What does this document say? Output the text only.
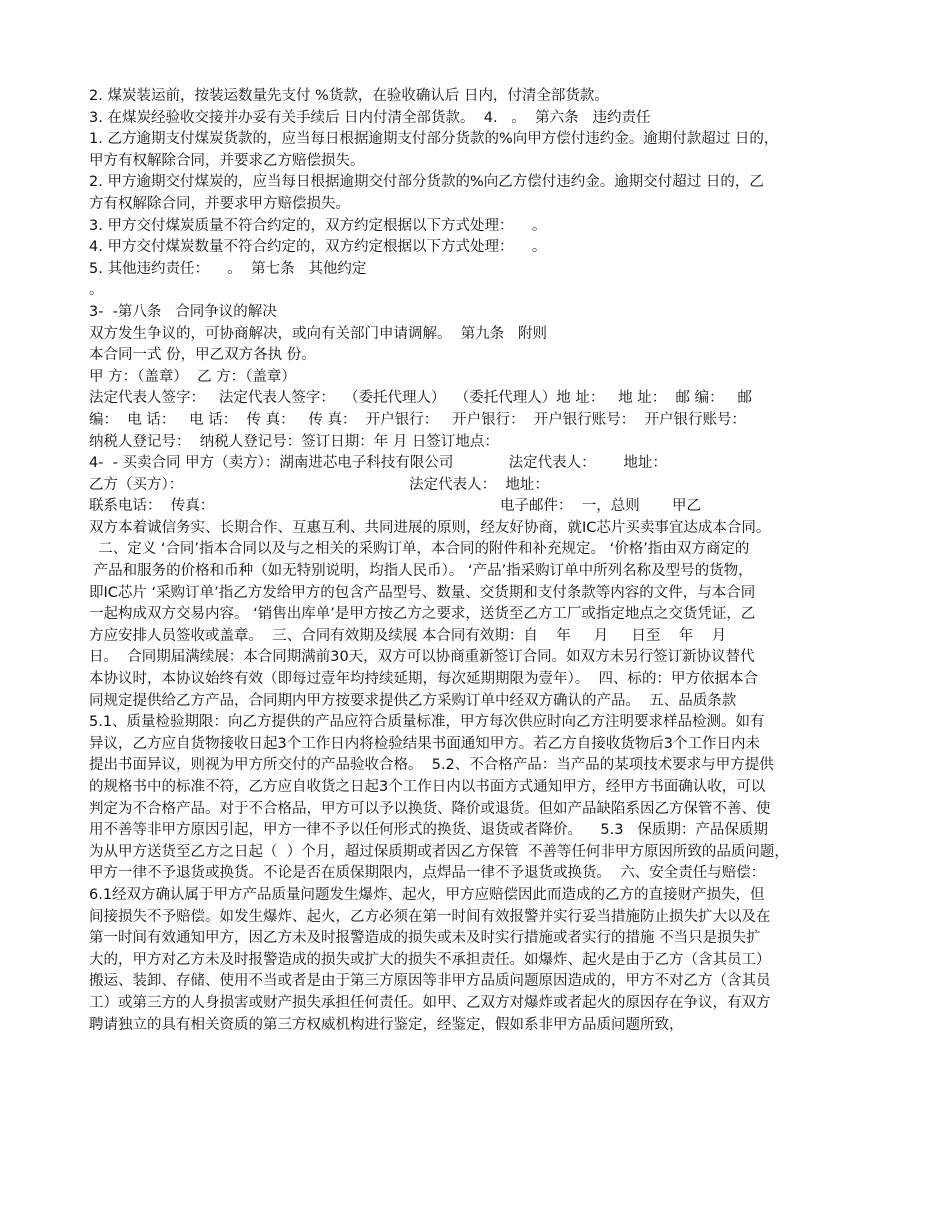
2. 煤炭装运前，按装运数量先支付 %货款，在验收确认后 日内，付清全部货款。
3. 在煤炭经验收交接并办妥有关手续后 日内付清全部货款。  4.   。  第六条   违约责任
1. 乙方逾期支付煤炭货款的，应当每日根据逾期支付部分货款的%向甲方偿付违约金。逾期付款超过 日的，
甲方有权解除合同，并要求乙方赔偿损失。
2. 甲方逾期交付煤炭的，应当每日根据逾期交付部分货款的%向乙方偿付违约金。逾期交付超过 日的，乙
方有权解除合同，并要求甲方赔偿损失。
3. 甲方交付煤炭质量不符合约定的，双方约定根据以下方式处理：    。
4. 甲方交付煤炭数量不符合约定的，双方约定根据以下方式处理：    。
5. 其他违约责任：    。  第七条   其他约定
。
3-  -第八条   合同争议的解决
双方发生争议的，可协商解决，或向有关部门申请调解。  第九条   附则
本合同一式 份，甲乙双方各执 份。
甲 方：（盖章）  乙 方：（盖章）
法定代表人签字：   法定代表人签字：  （委托代理人）  （委托代理人）地 址：   地 址：  邮 编：   邮
编：  电 话：   电 话：  传 真：   传 真：  开户银行：   开户银行：  开户银行账号：  开户银行账号：
纳税人登记号：  纳税人登记号：签订日期：年 月 日签订地点：
4-  - 买卖合同 甲方（卖方）：湖南进芯电子科技有限公司            法定代表人：      地址：
乙方（买方）：                                                 法定代表人：  地址：
联系电话：  传真：                                                              电子邮件：  一，总则       甲乙
双方本着诚信务实、长期合作、互惠互利、共同进展的原则，经友好协商，就IC芯片买卖事宜达成本合同。
二、定义 ‘合同’指本合同以及与之相关的采购订单，本合同的附件和补充规定。 ‘价格’指由双方商定的
产品和服务的价格和币种（如无特别说明，均指人民币）。 ‘产品’指采购订单中所列名称及型号的货物，
即IC芯片 ‘采购订单’指乙方发给甲方的包含产品型号、数量、交货期和支付条款等内容的文件，与本合同
一起构成双方交易内容。 ‘销售出库单’是甲方按乙方之要求，送货至乙方工厂或指定地点之交货凭证，乙
方应安排人员签收或盖章。  三、合同有效期及续展 本合同有效期：自    年     月     日至    年    月
日。  合同期届满续展：本合同期满前30天，双方可以协商重新签订合同。如双方未另行签订新协议替代
本协议时，本协议始终有效（即每过壹年均持续延期，每次延期期限为壹年）。  四、标的：甲方依据本合
同规定提供给乙方产品，合同期内甲方按要求提供乙方采购订单中经双方确认的产品。  五、品质条款
5.1、质量检验期限：向乙方提供的产品应符合质量标准，甲方每次供应时向乙方注明要求样品检测。如有
异议，乙方应自货物接收日起3个工作日内将检验结果书面通知甲方。若乙方自接收货物后3个工作日内未
提出书面异议，则视为甲方所交付的产品验收合格。  5.2、不合格产品：当产品的某项技术要求与甲方提供
的规格书中的标准不符，乙方应自收货之日起3个工作日内以书面方式通知甲方，经甲方书面确认收，可以
判定为不合格产品。对于不合格品，甲方可以予以换货、降价或退货。但如产品缺陷系因乙方保管不善、使
用不善等非甲方原因引起，甲方一律不予以任何形式的换货、退货或者降价。    5.3   保质期：产品保质期
为从甲方送货至乙方之日起（  ）个月，超过保质期或者因乙方保管  不善等任何非甲方原因所致的品质问题，
甲方一律不予退货或换货。不论是否在质保期限内，点焊品一律不予退货或换货。  六、安全责任与赔偿：
6.1经双方确认属于甲方产品质量问题发生爆炸、起火，甲方应赔偿因此而造成的乙方的直接财产损失，但
间接损失不予赔偿。如发生爆炸、起火，乙方必须在第一时间有效报警并实行妥当措施防止损失扩大以及在
第一时间有效通知甲方，因乙方未及时报警造成的损失或未及时实行措施或者实行的措施 不当只是损失扩
大的，甲方对乙方未及时报警造成的损失或扩大的损失不承担责任。如爆炸、起火是由于乙方（含其员工）
搬运、装卸、存储、使用不当或者是由于第三方原因等非甲方品质问题原因造成的，甲方不对乙方（含其员
工）或第三方的人身损害或财产损失承担任何责任。如甲、乙双方对爆炸或者起火的原因存在争议，有双方
聘请独立的具有相关资质的第三方权威机构进行鉴定，经鉴定，假如系非甲方品质问题所致，
